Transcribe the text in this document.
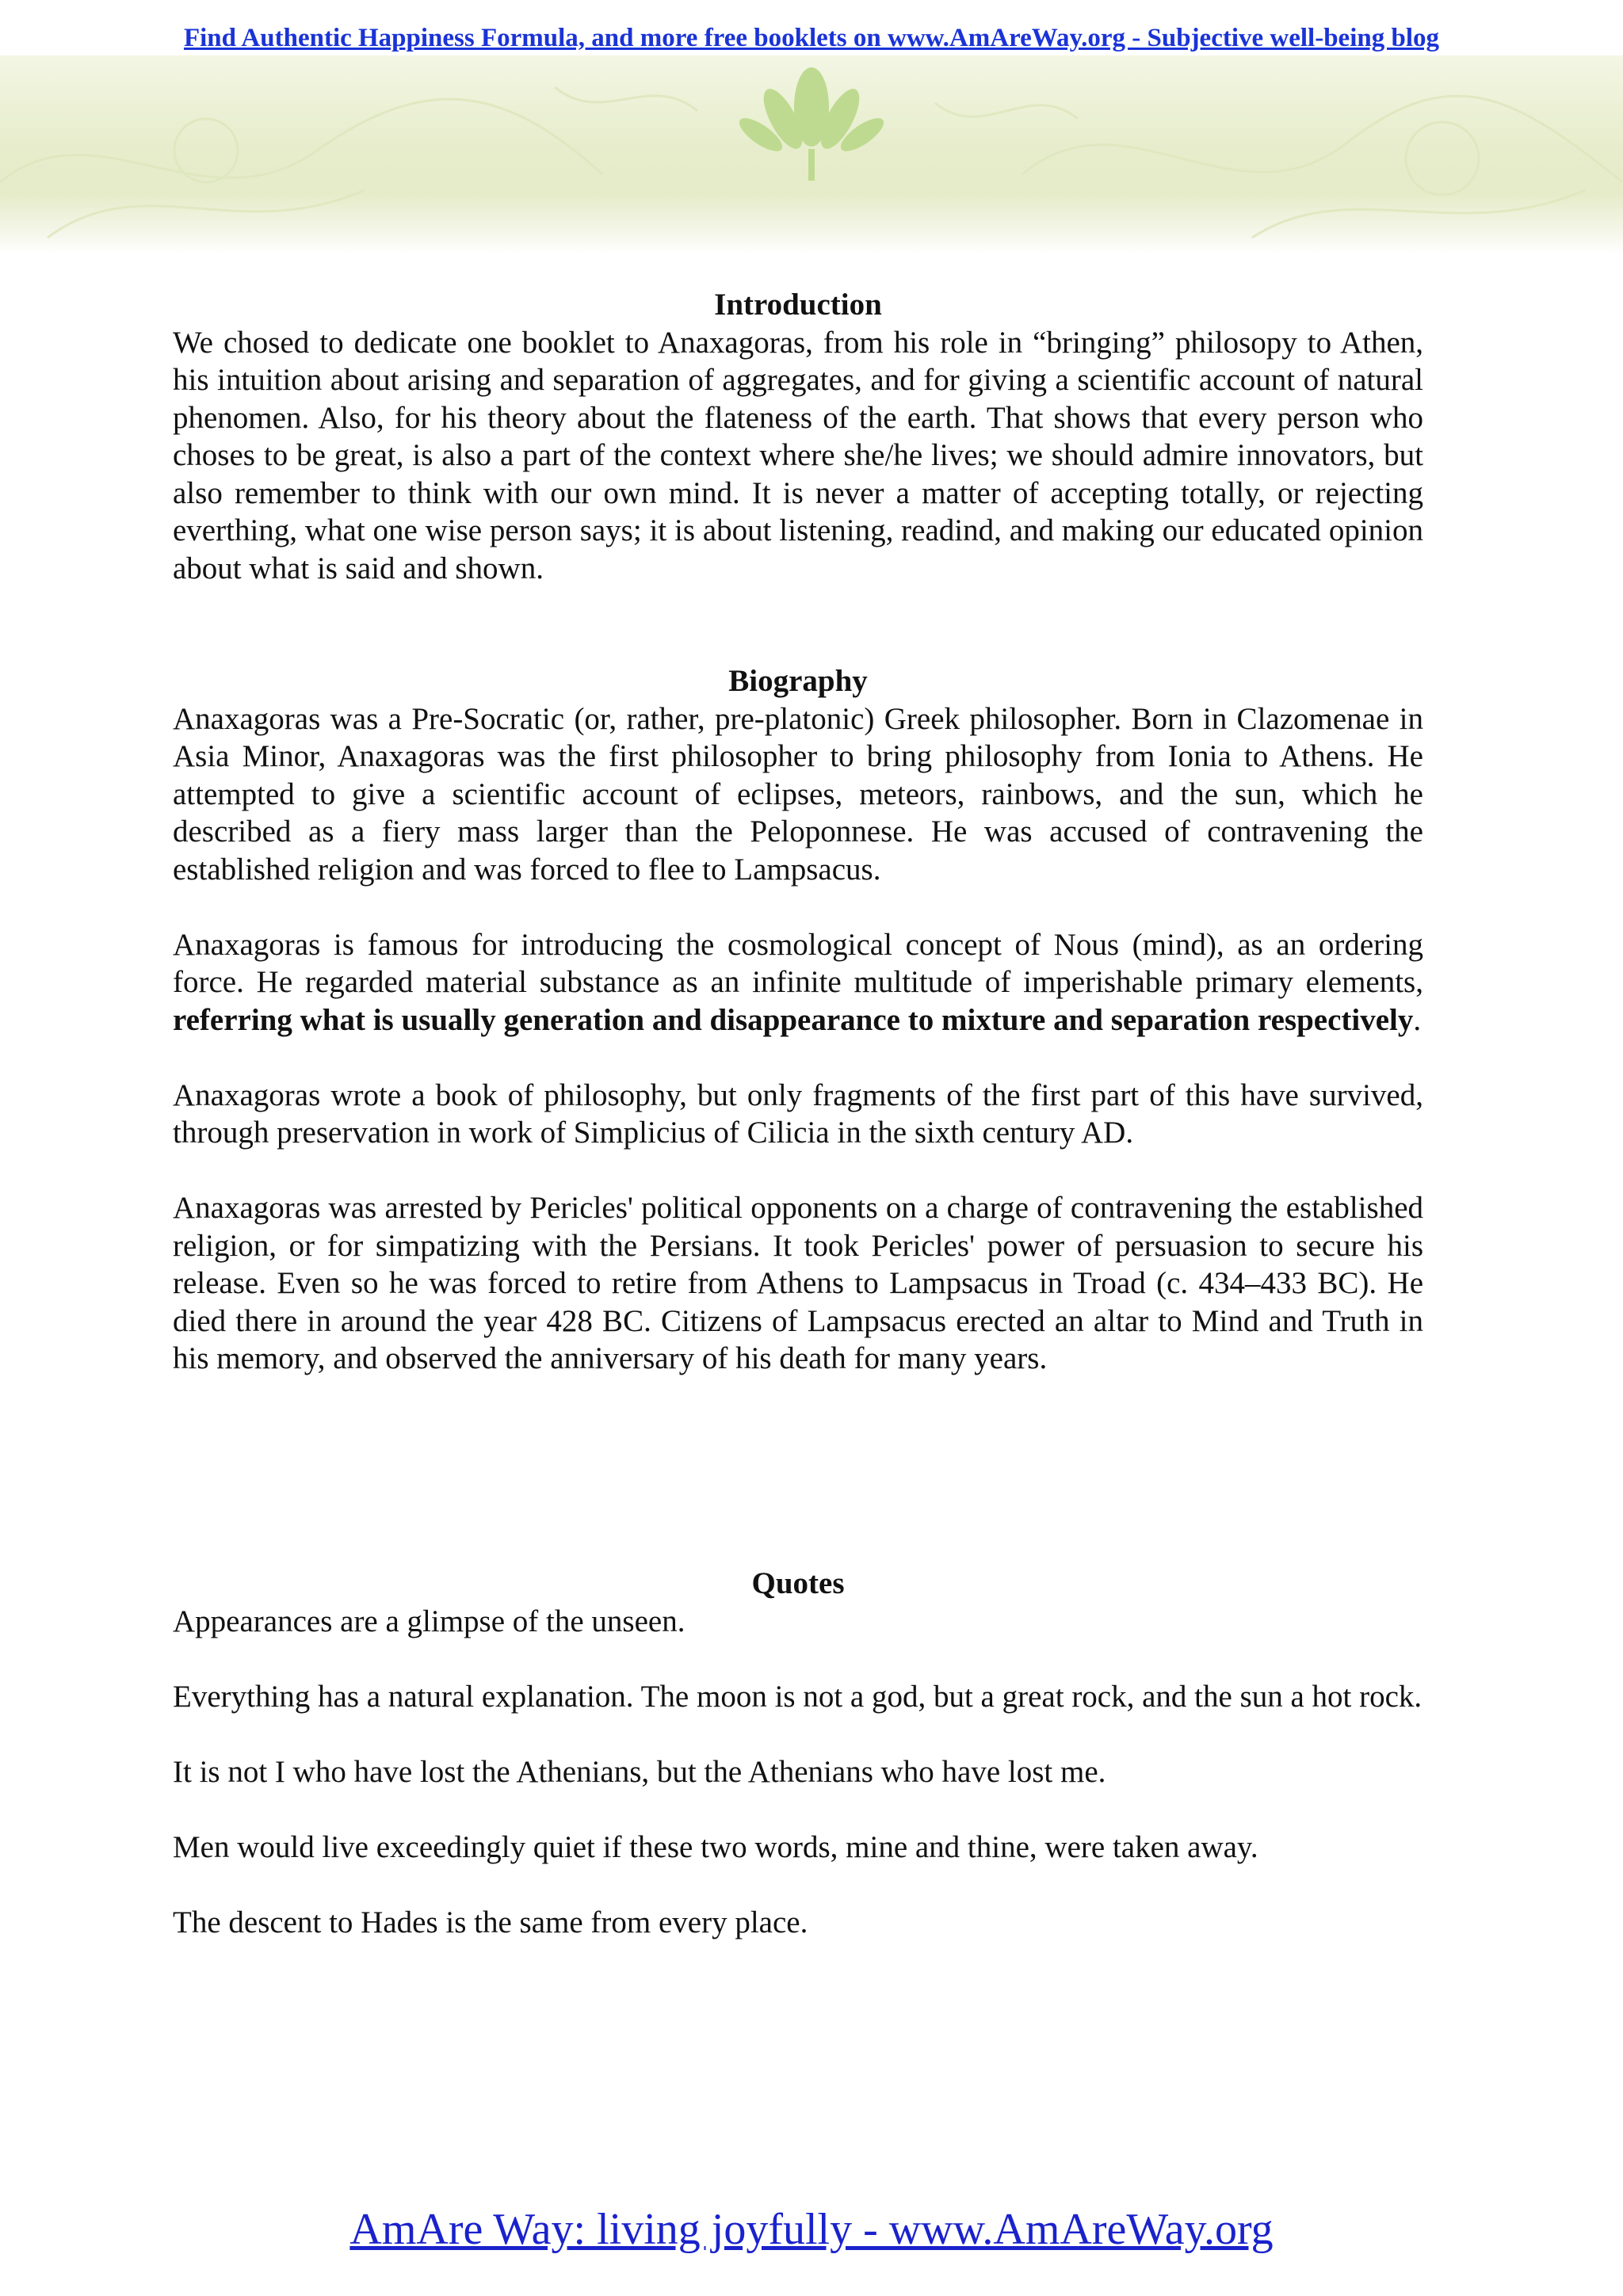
Find Authentic Happiness Formula, and more free booklets on www.AmAreWay.org - Subjective well-being blog
Introduction

We chosed to dedicate one booklet to Anaxagoras, from his role in “bringing” philosopy to Athen, his intuition about arising and separation of aggregates, and for giving a scientific account of natural phenomen. Also, for his theory about the flateness of the earth. That shows that every person who choses to be great, is also a part of the context where she/he lives; we should admire innovators, but also remember to think with our own mind. It is never a matter of accepting totally, or rejecting everthing, what one wise person says; it is about listening, readind, and making our educated opinion about what is said and shown.

Biography

Anaxagoras was a Pre-Socratic (or, rather, pre-platonic) Greek philosopher. Born in Clazomenae in Asia Minor, Anaxagoras was the first philosopher to bring philosophy from Ionia to Athens. He attempted to give a scientific account of eclipses, meteors, rainbows, and the sun, which he described as a fiery mass larger than the Peloponnese. He was accused of contravening the established religion and was forced to flee to Lampsacus.

Anaxagoras is famous for introducing the cosmological concept of Nous (mind), as an ordering force. He regarded material substance as an infinite multitude of imperishable primary elements, referring what is usually generation and disappearance to mixture and separation respectively.

Anaxagoras wrote a book of philosophy, but only fragments of the first part of this have survived, through preservation in work of Simplicius of Cilicia in the sixth century AD.

Anaxagoras was arrested by Pericles' political opponents on a charge of contravening the established religion, or for simpatizing with the Persians. It took Pericles' power of persuasion to secure his release. Even so he was forced to retire from Athens to Lampsacus in Troad (c. 434–433 BC). He died there in around the year 428 BC. Citizens of Lampsacus erected an altar to Mind and Truth in his memory, and observed the anniversary of his death for many years.

Quotes

Appearances are a glimpse of the unseen.

Everything has a natural explanation. The moon is not a god, but a great rock, and the sun a hot rock.

It is not I who have lost the Athenians, but the Athenians who have lost me.

Men would live exceedingly quiet if these two words, mine and thine, were taken away.

The descent to Hades is the same from every place.

AmAre Way: living joyfully - www.AmAreWay.org
